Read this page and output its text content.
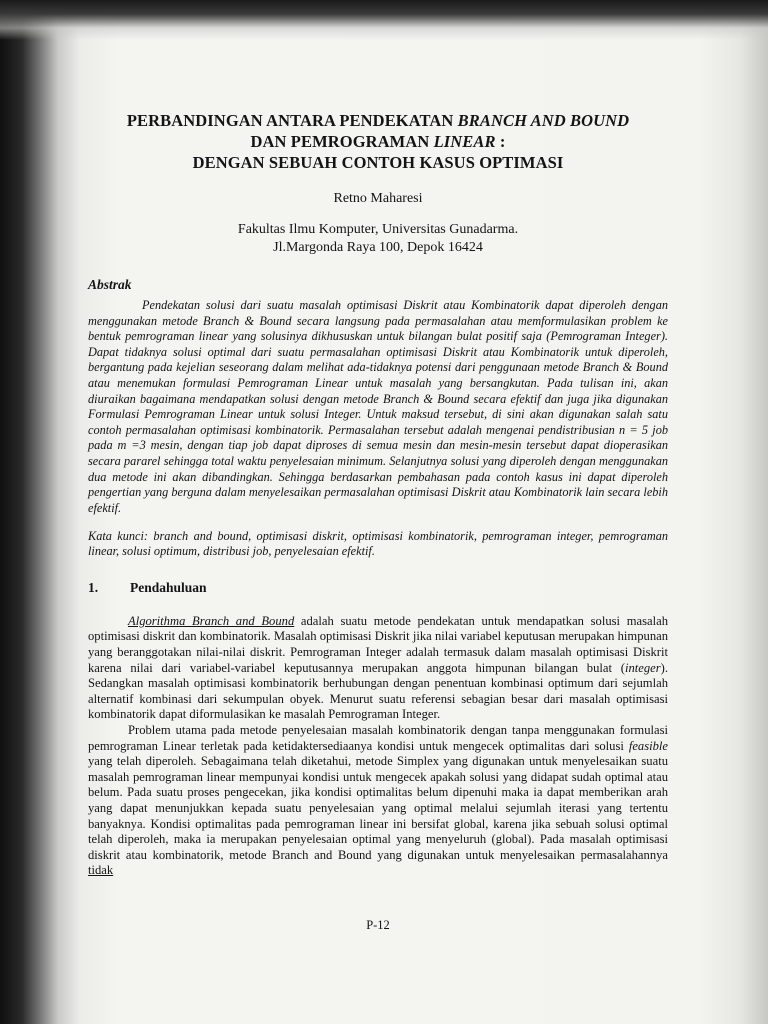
PERBANDINGAN ANTARA PENDEKATAN BRANCH AND BOUND
DAN PEMROGRAMAN LINEAR :
DENGAN SEBUAH CONTOH KASUS OPTIMASI
Retno Maharesi
Fakultas Ilmu Komputer, Universitas Gunadarma.
Jl.Margonda Raya 100, Depok 16424
Abstrak

Pendekatan solusi dari suatu masalah optimisasi Diskrit atau Kombinatorik dapat diperoleh dengan menggunakan metode Branch & Bound secara langsung pada permasalahan atau memformulasikan problem ke bentuk pemrograman linear yang solusinya dikhususkan untuk bilangan bulat positif saja (Pemrograman Integer). Dapat tidaknya solusi optimal dari suatu permasalahan optimisasi Diskrit atau Kombinatorik untuk diperoleh, bergantung pada kejelian seseorang dalam melihat ada-tidaknya potensi dari penggunaan metode Branch & Bound atau menemukan formulasi Pemrograman Linear untuk masalah yang bersangkutan. Pada tulisan ini, akan diuraikan bagaimana mendapatkan solusi dengan metode Branch & Bound secara efektif dan juga jika digunakan Formulasi Pemrograman Linear untuk solusi Integer. Untuk maksud tersebut, di sini akan digunakan salah satu contoh permasalahan optimisasi kombinatorik. Permasalahan tersebut adalah mengenai pendistribusian n = 5 job pada m =3 mesin, dengan tiap job dapat diproses di semua mesin dan mesin-mesin tersebut dapat dioperasikan secara pararel sehingga total waktu penyelesaian minimum. Selanjutnya solusi yang diperoleh dengan menggunakan dua metode ini akan dibandingkan. Sehingga berdasarkan pembahasan pada contoh kasus ini dapat diperoleh pengertian yang berguna dalam menyelesaikan permasalahan optimisasi Diskrit atau Kombinatorik lain secara lebih efektif.

Kata kunci: branch and bound, optimisasi diskrit, optimisasi kombinatorik, pemrograman integer, pemrograman linear, solusi optimum, distribusi job, penyelesaian efektif.

1.	Pendahuluan

Algorithma Branch and Bound adalah suatu metode pendekatan untuk mendapatkan solusi masalah optimisasi diskrit dan kombinatorik. Masalah optimisasi Diskrit jika nilai variabel keputusan merupakan himpunan yang beranggotakan nilai-nilai diskrit. Pemrograman Integer adalah termasuk dalam masalah optimisasi Diskrit karena nilai dari variabel-variabel keputusannya merupakan anggota himpunan bilangan bulat (integer). Sedangkan masalah optimisasi kombinatorik berhubungan dengan penentuan kombinasi optimum dari sejumlah alternatif kombinasi dari sekumpulan obyek. Menurut suatu referensi sebagian besar dari masalah optimisasi kombinatorik dapat diformulasikan ke masalah Pemrograman Integer.

Problem utama pada metode penyelesaian masalah kombinatorik dengan tanpa menggunakan formulasi pemrograman Linear terletak pada ketidaktersediaanya kondisi untuk mengecek optimalitas dari solusi feasible yang telah diperoleh. Sebagaimana telah diketahui, metode Simplex yang digunakan untuk menyelesaikan suatu masalah pemrograman linear mempunyai kondisi untuk mengecek apakah solusi yang didapat sudah optimal atau belum. Pada suatu proses pengecekan, jika kondisi optimalitas belum dipenuhi maka ia dapat memberikan arah yang dapat menunjukkan kepada suatu penyelesaian yang optimal melalui sejumlah iterasi yang tertentu banyaknya. Kondisi optimalitas pada pemrograman linear ini bersifat global, karena jika sebuah solusi optimal telah diperoleh, maka ia merupakan penyelesaian optimal yang menyeluruh (global). Pada masalah optimisasi diskrit atau kombinatorik, metode Branch and Bound yang digunakan untuk menyelesaikan permasalahannya tidak

P-12
